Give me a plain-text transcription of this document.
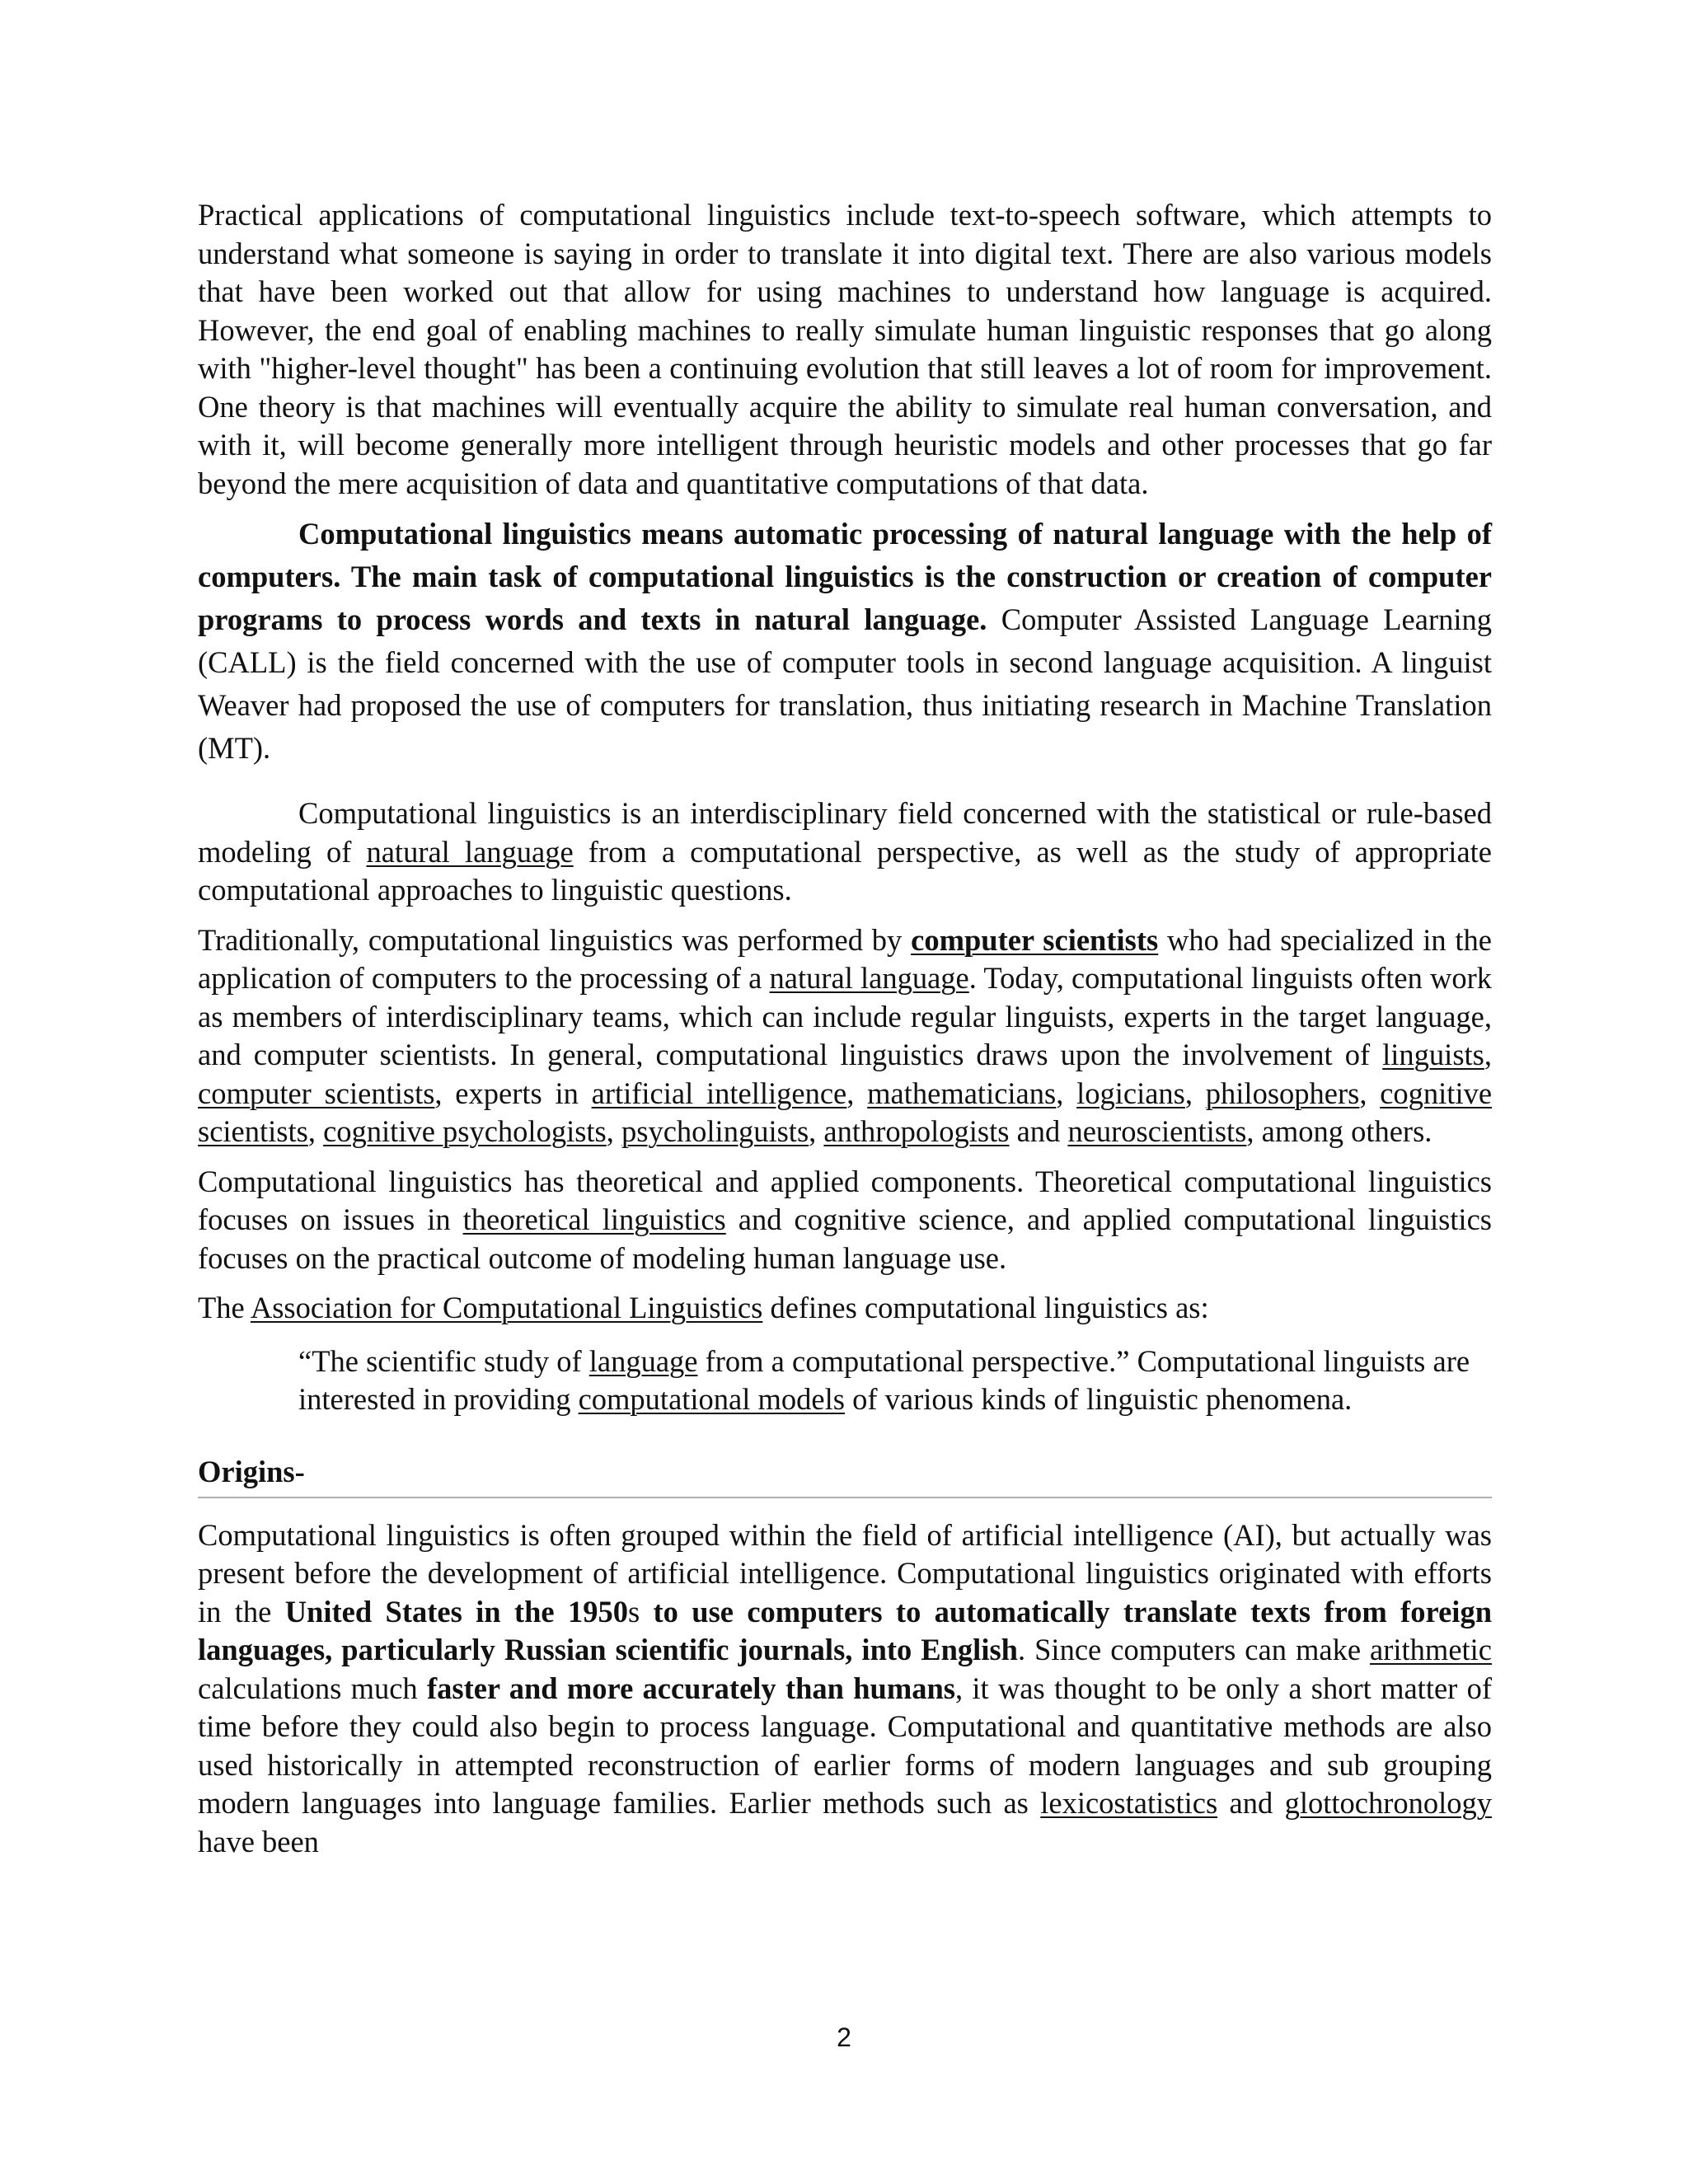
Practical applications of computational linguistics include text-to-speech software, which attempts to understand what someone is saying in order to translate it into digital text. There are also various models that have been worked out that allow for using machines to understand how language is acquired. However, the end goal of enabling machines to really simulate human linguistic responses that go along with "higher-level thought" has been a continuing evolution that still leaves a lot of room for improvement. One theory is that machines will eventually acquire the ability to simulate real human conversation, and with it, will become generally more intelligent through heuristic models and other processes that go far beyond the mere acquisition of data and quantitative computations of that data.

Computational linguistics means automatic processing of natural language with the help of computers. The main task of computational linguistics is the construction or creation of computer programs to process words and texts in natural language. Computer Assisted Language Learning (CALL) is the field concerned with the use of computer tools in second language acquisition. A linguist Weaver had proposed the use of computers for translation, thus initiating research in Machine Translation (MT).

Computational linguistics is an interdisciplinary field concerned with the statistical or rule-based modeling of natural language from a computational perspective, as well as the study of appropriate computational approaches to linguistic questions.

Traditionally, computational linguistics was performed by computer scientists who had specialized in the application of computers to the processing of a natural language. Today, computational linguists often work as members of interdisciplinary teams, which can include regular linguists, experts in the target language, and computer scientists. In general, computational linguistics draws upon the involvement of linguists, computer scientists, experts in artificial intelligence, mathematicians, logicians, philosophers, cognitive scientists, cognitive psychologists, psycholinguists, anthropologists and neuroscientists, among others.

Computational linguistics has theoretical and applied components. Theoretical computational linguistics focuses on issues in theoretical linguistics and cognitive science, and applied computational linguistics focuses on the practical outcome of modeling human language use.

The Association for Computational Linguistics defines computational linguistics as:

“The scientific study of language from a computational perspective.” Computational linguists are interested in providing computational models of various kinds of linguistic phenomena.

Origins-

Computational linguistics is often grouped within the field of artificial intelligence (AI), but actually was present before the development of artificial intelligence. Computational linguistics originated with efforts in the United States in the 1950s to use computers to automatically translate texts from foreign languages, particularly Russian scientific journals, into English. Since computers can make arithmetic calculations much faster and more accurately than humans, it was thought to be only a short matter of time before they could also begin to process language. Computational and quantitative methods are also used historically in attempted reconstruction of earlier forms of modern languages and sub grouping modern languages into language families. Earlier methods such as lexicostatistics and glottochronology have been

2
